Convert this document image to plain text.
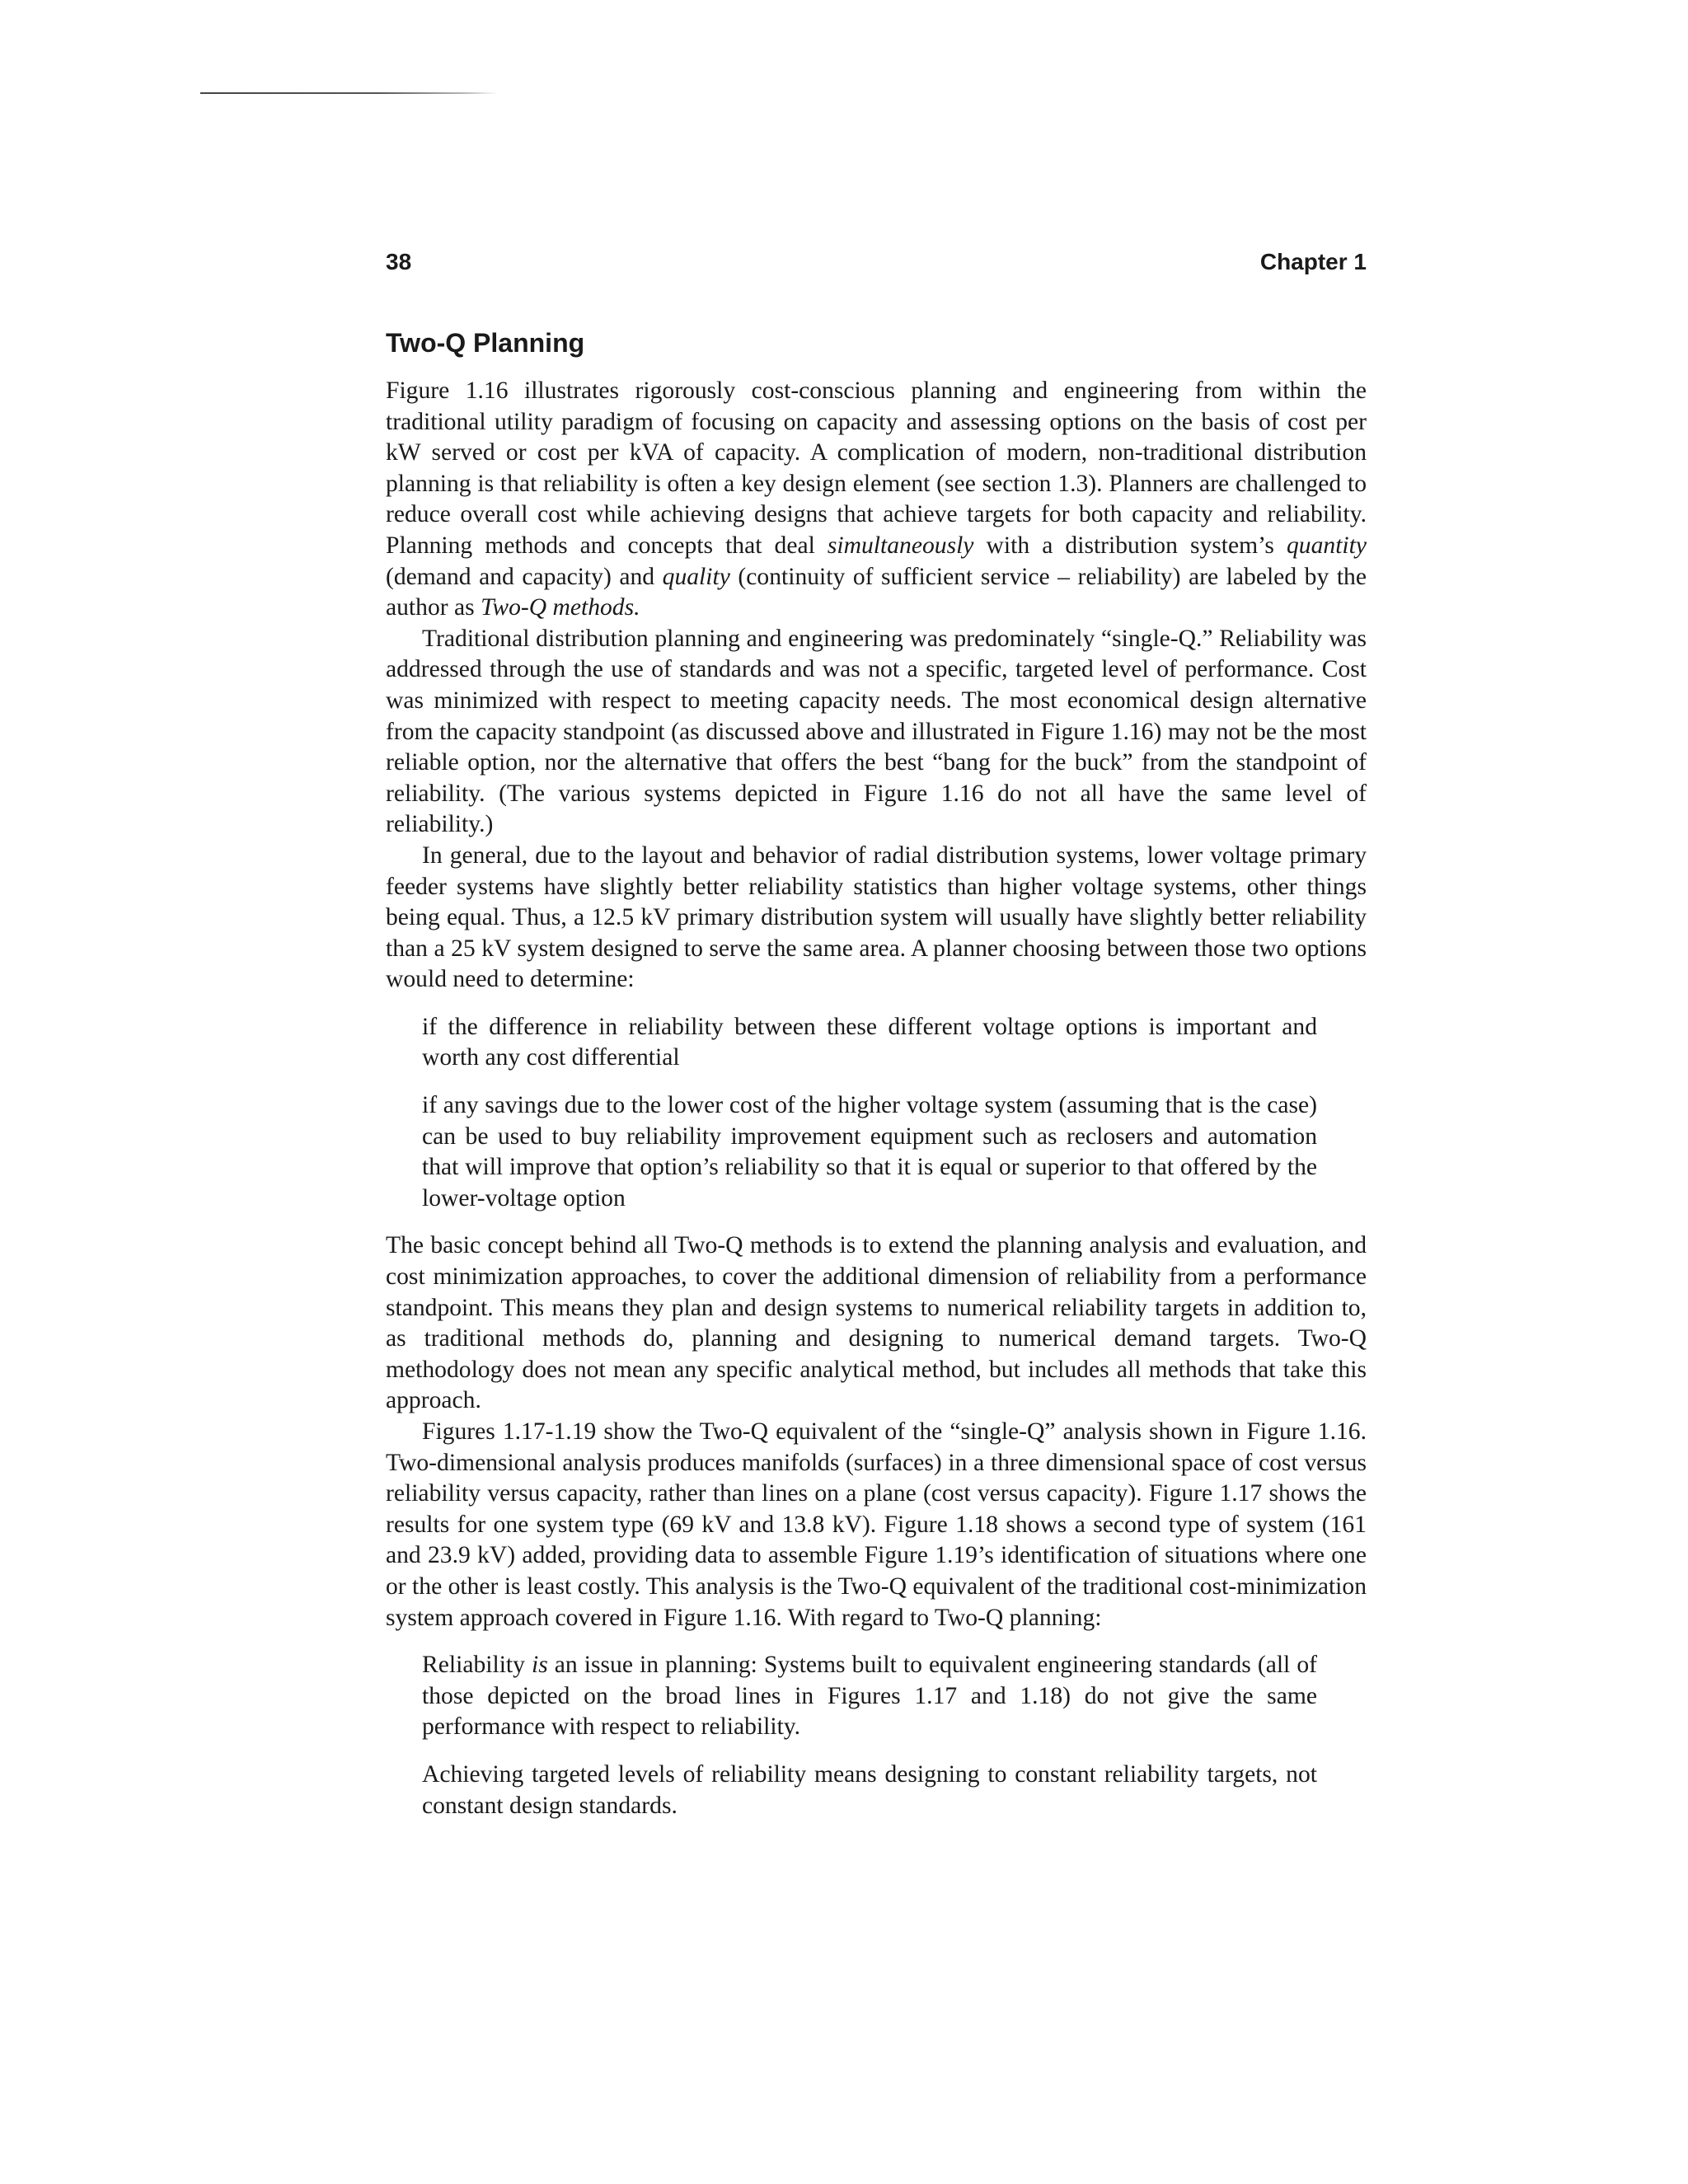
38	Chapter 1
Two-Q Planning

Figure 1.16 illustrates rigorously cost-conscious planning and engineering from within the traditional utility paradigm of focusing on capacity and assessing options on the basis of cost per kW served or cost per kVA of capacity. A complication of modern, non-traditional distribution planning is that reliability is often a key design element (see section 1.3). Planners are challenged to reduce overall cost while achieving designs that achieve targets for both capacity and reliability. Planning methods and concepts that deal simultaneously with a distribution system’s quantity (demand and capacity) and quality (continuity of sufficient service – reliability) are labeled by the author as Two-Q methods.

Traditional distribution planning and engineering was predominately “single-Q.” Reliability was addressed through the use of standards and was not a specific, targeted level of performance. Cost was minimized with respect to meeting capacity needs. The most economical design alternative from the capacity standpoint (as discussed above and illustrated in Figure 1.16) may not be the most reliable option, nor the alternative that offers the best “bang for the buck” from the standpoint of reliability. (The various systems depicted in Figure 1.16 do not all have the same level of reliability.)

In general, due to the layout and behavior of radial distribution systems, lower voltage primary feeder systems have slightly better reliability statistics than higher voltage systems, other things being equal. Thus, a 12.5 kV primary distribution system will usually have slightly better reliability than a 25 kV system designed to serve the same area. A planner choosing between those two options would need to determine:

if the difference in reliability between these different voltage options is important and worth any cost differential

if any savings due to the lower cost of the higher voltage system (assuming that is the case) can be used to buy reliability improvement equipment such as reclosers and automation that will improve that option’s reliability so that it is equal or superior to that offered by the lower-voltage option

The basic concept behind all Two-Q methods is to extend the planning analysis and evaluation, and cost minimization approaches, to cover the additional dimension of reliability from a performance standpoint. This means they plan and design systems to numerical reliability targets in addition to, as traditional methods do, planning and designing to numerical demand targets. Two-Q methodology does not mean any specific analytical method, but includes all methods that take this approach.

Figures 1.17-1.19 show the Two-Q equivalent of the “single-Q” analysis shown in Figure 1.16. Two-dimensional analysis produces manifolds (surfaces) in a three dimensional space of cost versus reliability versus capacity, rather than lines on a plane (cost versus capacity). Figure 1.17 shows the results for one system type (69 kV and 13.8 kV). Figure 1.18 shows a second type of system (161 and 23.9 kV) added, providing data to assemble Figure 1.19’s identification of situations where one or the other is least costly. This analysis is the Two-Q equivalent of the traditional cost-minimization system approach covered in Figure 1.16. With regard to Two-Q planning:

Reliability is an issue in planning: Systems built to equivalent engineering standards (all of those depicted on the broad lines in Figures 1.17 and 1.18) do not give the same performance with respect to reliability.

Achieving targeted levels of reliability means designing to constant reliability targets, not constant design standards.
